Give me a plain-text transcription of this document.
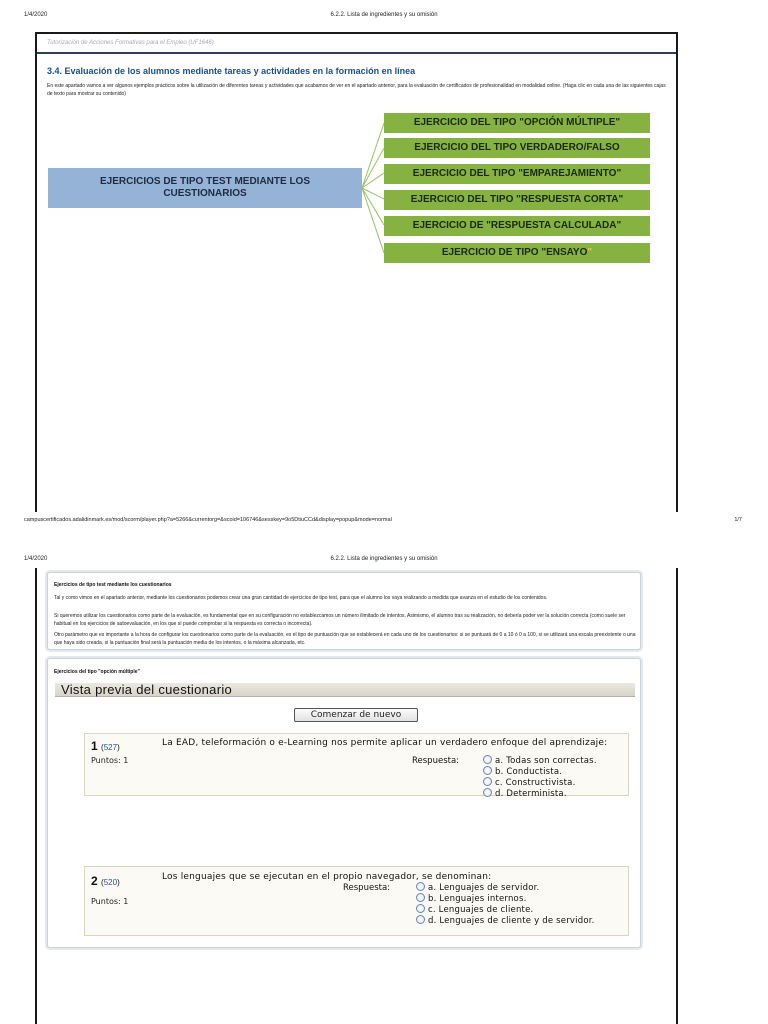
1/4/2020	6.2.2. Lista de ingredientes y su omisión
Tutorización de Acciones Formativas para el Empleo (UF1646)
3.4. Evaluación de los alumnos mediante tareas y actividades en la formación en línea
En este apartado vamos a ver algunos ejemplos prácticos sobre la utilización de diferentes tareas y actividades que acabamos de ver en el apartado anterior, para la evaluación de certificados de profesionalidad en modalidad online. (Haga clic en cada una de las siguientes cajas de texto para mostrar su contenido)
EJERCICIOS DE TIPO TEST MEDIANTE LOS CUESTIONARIOS
EJERCICIO DEL TIPO "OPCIÓN MÚLTIPLE"
EJERCICIO DEL TIPO VERDADERO/FALSO
EJERCICIO DEL TIPO "EMPAREJAMIENTO"
EJERCICIO DEL TIPO "RESPUESTA CORTA"
EJERCICIO DE "RESPUESTA CALCULADA"
EJERCICIO DE TIPO "ENSAYO"
campuscertificados.adalidinmark.es/mod/scorm/player.php?a=5266&currentorg=&scoid=106746&sesskey=9o5DtiuCCd&display=popup&mode=normal	1/7
1/4/2020	6.2.2. Lista de ingredientes y su omisión
Ejercicios de tipo test mediante los cuestionarios
Tal y como vimos en el apartado anterior, mediante los cuestionarios podemos crear una gran cantidad de ejercicios de tipo test, para que el alumno los vaya realizando a medida que avanza en el estudio de los contenidos.
Si queremos utilizar los cuestionarios como parte de la evaluación, es fundamental que en su configuración no establezcamos un número ilimitado de intentos. Asimismo, el alumno tras su realización, no debería poder ver la solución correcta (como suele ser habitual en los ejercicios de autoevaluación, en los que sí puede comprobar si la respuesta es correcta o incorrecta).
Otro parámetro que es importante a la hora de configurar los cuestionarios como parte de la evaluación, es el tipo de puntuación que se establecerá en cada uno de los cuestionarios: si se puntuará de 0 a 10 ó 0 a 100, si se utilizará una escala preexistente o una que haya sido creada, si la puntuación final será la puntuación media de los intentos, o la máxima alcanzada, etc.
Ejercicios del tipo "opción múltiple"
Vista previa del cuestionario
Comenzar de nuevo
1 (527)
Puntos: 1
La EAD, teleformación o e-Learning nos permite aplicar un verdadero enfoque del aprendizaje:
Respuesta:	a. Todas son correctas.
b. Conductista.
c. Constructivista.
d. Determinista.
2 (520)
Puntos: 1
Los lenguajes que se ejecutan en el propio navegador, se denominan:
Respuesta:	a. Lenguajes de servidor.
b. Lenguajes internos.
c. Lenguajes de cliente.
d. Lenguajes de cliente y de servidor.
